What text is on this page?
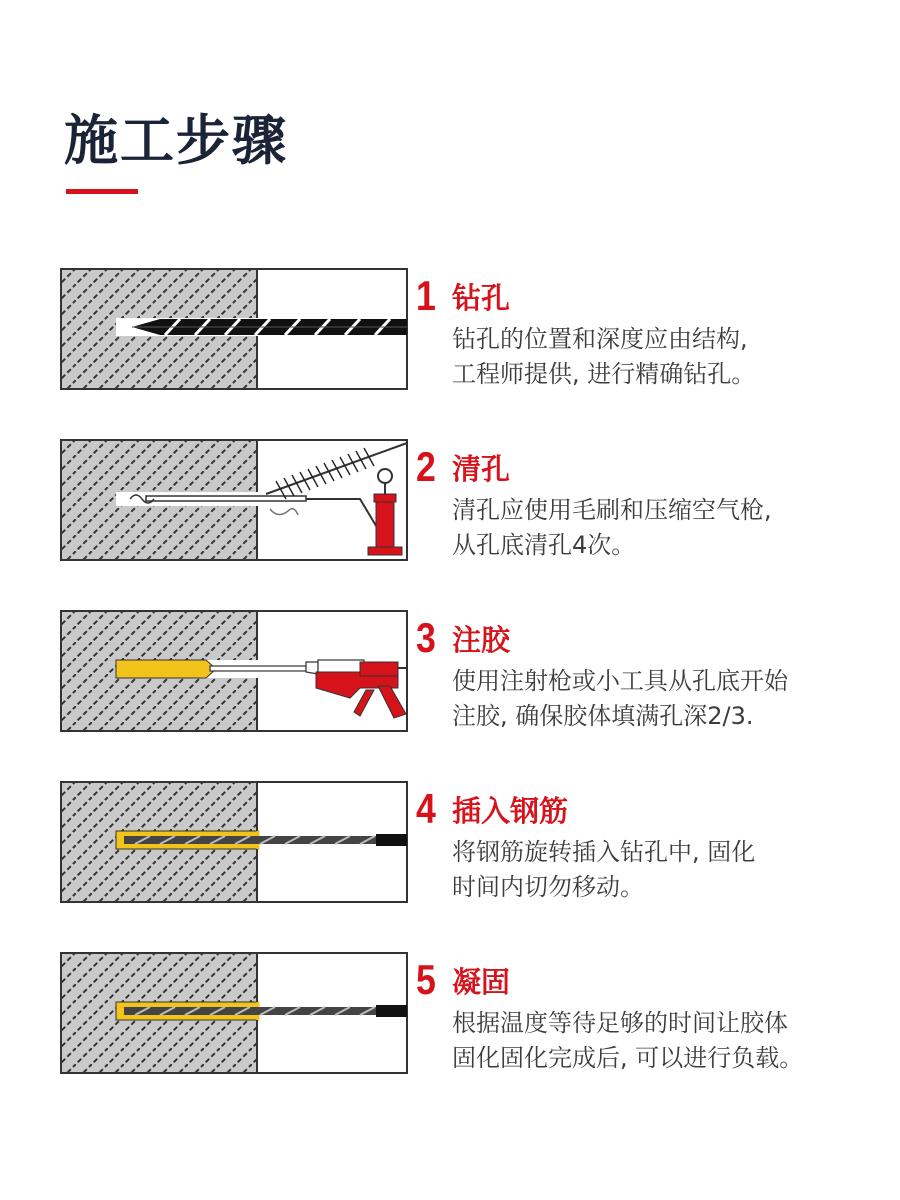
施工步骤
1 钻孔
钻孔的位置和深度应由结构,
工程师提供, 进行精确钻孔。
2 清孔
清孔应使用毛刷和压缩空气枪,
从孔底清孔4次。
3 注胶
使用注射枪或小工具从孔底开始
注胶, 确保胶体填满孔深2/3.
4 插入钢筋
将钢筋旋转插入钻孔中, 固化
时间内切勿移动。
5 凝固
根据温度等待足够的时间让胶体
固化固化完成后, 可以进行负载。
